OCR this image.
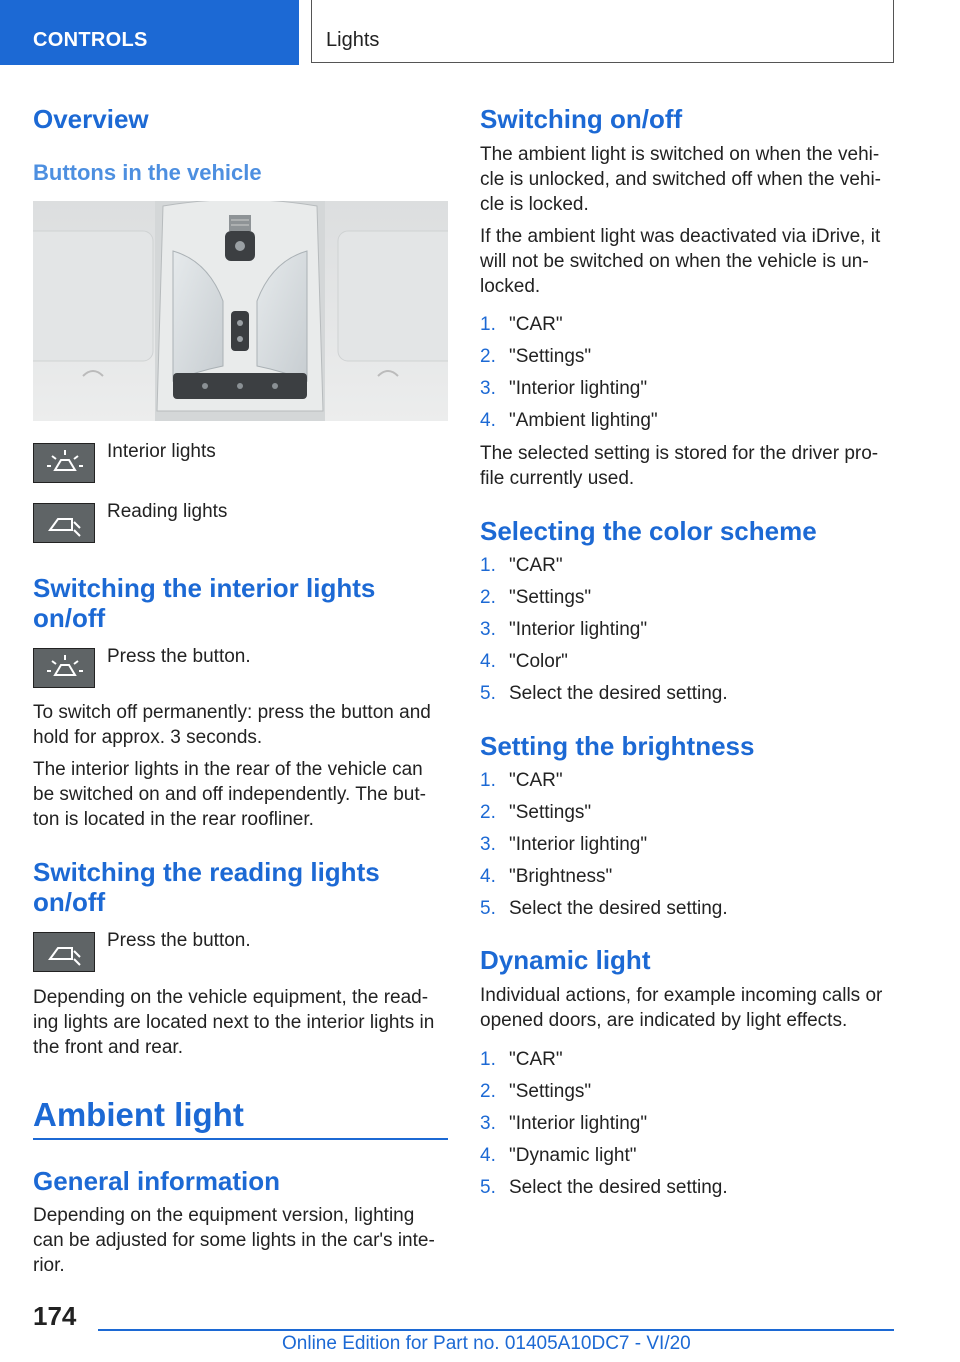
CONTROLS	Lights
Overview
Buttons in the vehicle
Interior lights
Reading lights
Switching the interior lights
on/off
Press the button.
To switch off permanently: press the button and
hold for approx. 3 seconds.
The interior lights in the rear of the vehicle can
be switched on and off independently. The but‐
ton is located in the rear roofliner.
Switching the reading lights
on/off
Press the button.
Depending on the vehicle equipment, the read‐
ing lights are located next to the interior lights in
the front and rear.
Ambient light
General information
Depending on the equipment version, lighting
can be adjusted for some lights in the car's inte‐
rior.
Switching on/off
The ambient light is switched on when the vehi‐
cle is unlocked, and switched off when the vehi‐
cle is locked.
If the ambient light was deactivated via iDrive, it
will not be switched on when the vehicle is un‐
locked.
1. "CAR"
2. "Settings"
3. "Interior lighting"
4. "Ambient lighting"
The selected setting is stored for the driver pro‐
file currently used.
Selecting the color scheme
1. "CAR"
2. "Settings"
3. "Interior lighting"
4. "Color"
5. Select the desired setting.
Setting the brightness
1. "CAR"
2. "Settings"
3. "Interior lighting"
4. "Brightness"
5. Select the desired setting.
Dynamic light
Individual actions, for example incoming calls or
opened doors, are indicated by light effects.
1. "CAR"
2. "Settings"
3. "Interior lighting"
4. "Dynamic light"
5. Select the desired setting.
174
Online Edition for Part no. 01405A10DC7 - VI/20
